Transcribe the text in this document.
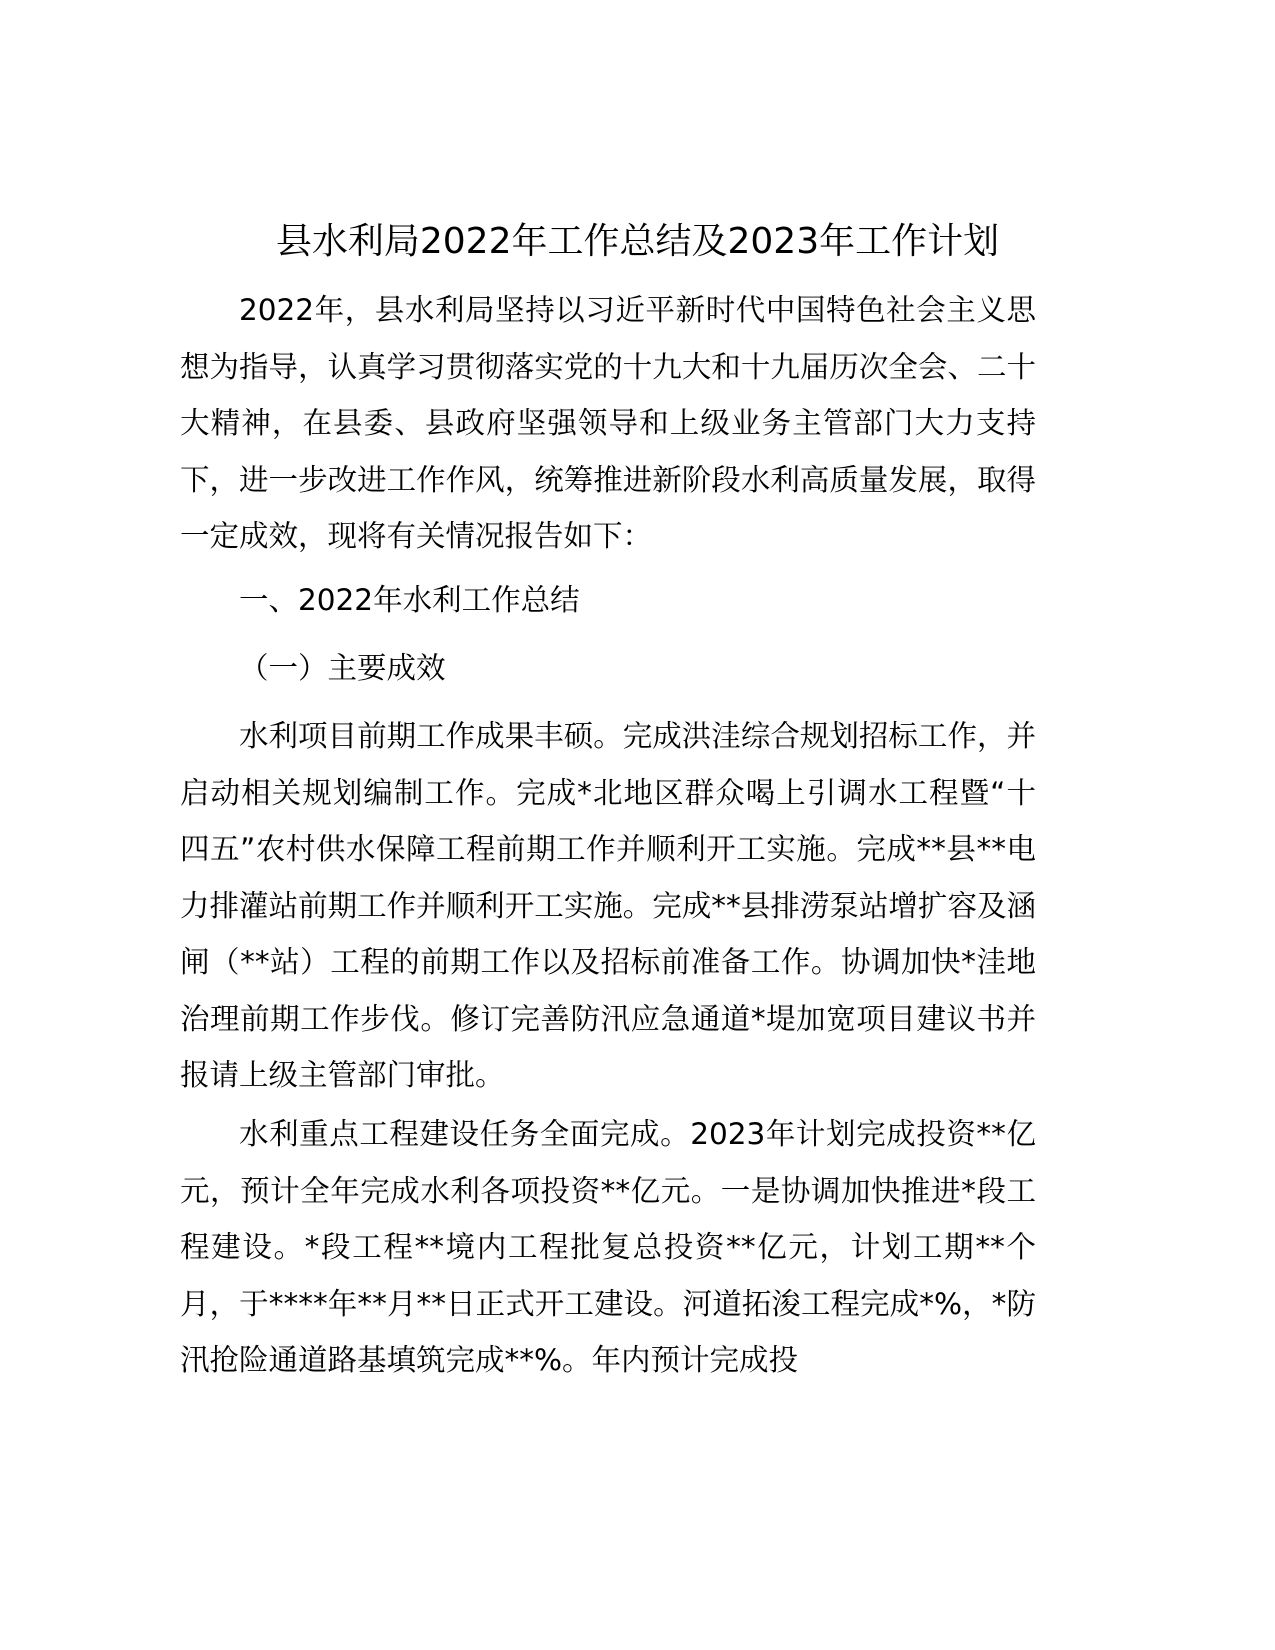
县水利局2022年工作总结及2023年工作计划

2022年，县水利局坚持以习近平新时代中国特色社会主义思想为指导，认真学习贯彻落实党的十九大和十九届历次全会、二十大精神，在县委、县政府坚强领导和上级业务主管部门大力支持下，进一步改进工作作风，统筹推进新阶段水利高质量发展，取得一定成效，现将有关情况报告如下：

一、2022年水利工作总结

（一）主要成效

水利项目前期工作成果丰硕。完成洪洼综合规划招标工作，并启动相关规划编制工作。完成*北地区群众喝上引调水工程暨“十四五”农村供水保障工程前期工作并顺利开工实施。完成**县**电力排灌站前期工作并顺利开工实施。完成**县排涝泵站增扩容及涵闸（**站）工程的前期工作以及招标前准备工作。协调加快*洼地治理前期工作步伐。修订完善防汛应急通道*堤加宽项目建议书并报请上级主管部门审批。

水利重点工程建设任务全面完成。2023年计划完成投资**亿元，预计全年完成水利各项投资**亿元。一是协调加快推进*段工程建设。*段工程**境内工程批复总投资**亿元，计划工期**个月，于****年**月**日正式开工建设。河道拓浚工程完成*%，*防汛抢险通道路基填筑完成**%。年内预计完成投
